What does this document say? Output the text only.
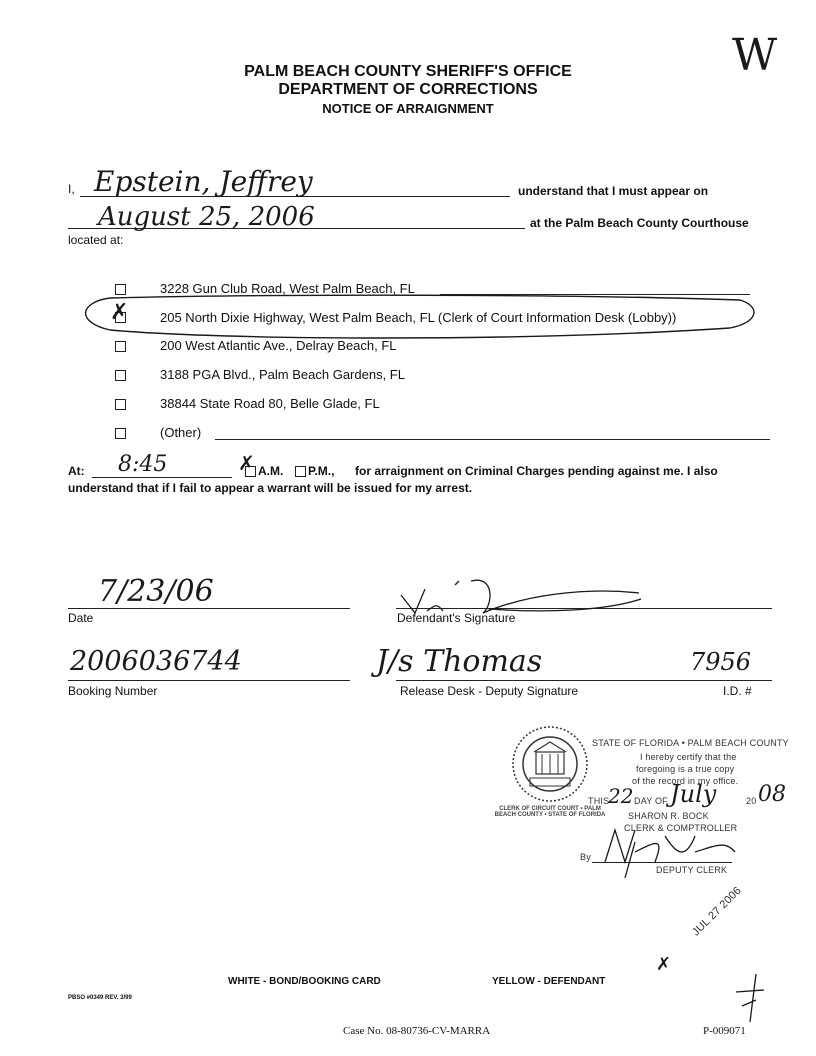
PALM BEACH COUNTY SHERIFF'S OFFICE
DEPARTMENT OF CORRECTIONS
NOTICE OF ARRAIGNMENT
W
I, Epstein, Jeffrey	understand that I must appear on
August 25, 2006	at the Palm Beach County Courthouse
located at:
3228 Gun Club Road, West Palm Beach, FL
✗ 205 North Dixie Highway, West Palm Beach, FL (Clerk of Court Information Desk (Lobby))
200 West Atlantic Ave., Delray Beach, FL
3188 PGA Blvd., Palm Beach Gardens, FL
38844 State Road 80, Belle Glade, FL
(Other)
At: 8:45	✗ A.M. P.M., for arraignment on Criminal Charges pending against me. I also
understand that if I fail to appear a warrant will be issued for my arrest.
7/23/06
Date	Defendant's Signature
2006036744
Booking Number
J/s Thomas	7956
Release Desk - Deputy Signature	I.D. #
CLERK OF CIRCUIT COURT • PALM BEACH COUNTY • STATE OF FLORIDA
STATE OF FLORIDA • PALM BEACH COUNTY
I hereby certify that the
foregoing is a true copy
of the record in my office.
THIS
22 DAY OF July	20 08
SHARON R. BOCK
CLERK & COMPTROLLER
By
DEPUTY CLERK
JUL 27 2006
✗
WHITE - BOND/BOOKING CARD	YELLOW - DEFENDANT
PBSO #0349 REV. 3/99
Case No. 08-80736-CV-MARRA	P-009071
